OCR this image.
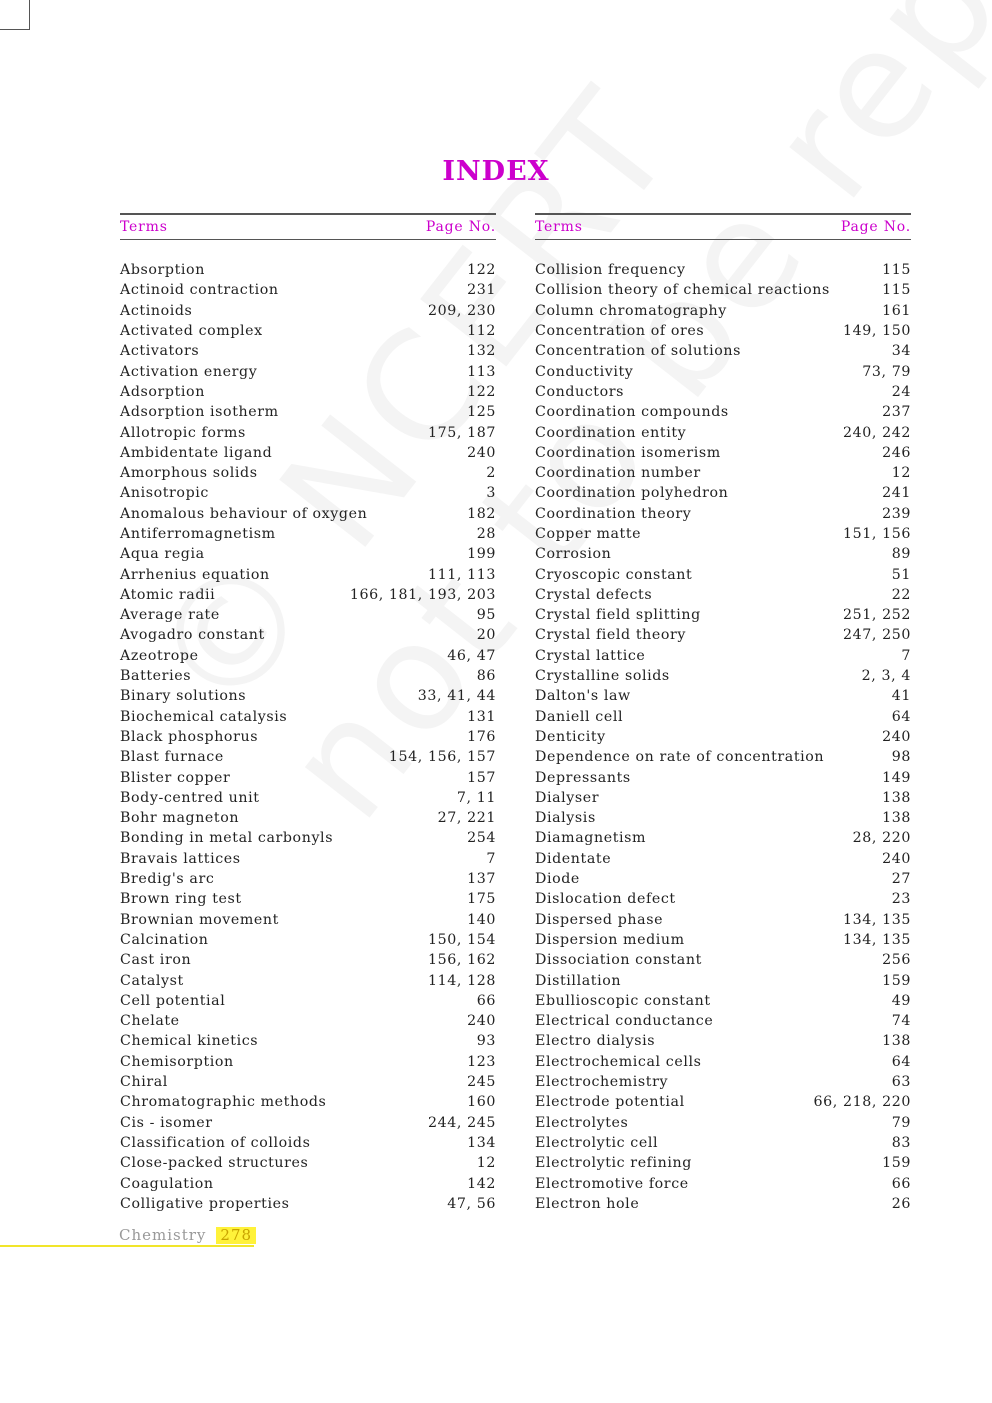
INDEX
Terms	Page No.
Absorption	122
Actinoid contraction	231
Actinoids	209, 230
Activated complex	112
Activators	132
Activation energy	113
Adsorption	122
Adsorption isotherm	125
Allotropic forms	175, 187
Ambidentate ligand	240
Amorphous solids	2
Anisotropic	3
Anomalous behaviour of oxygen	182
Antiferromagnetism	28
Aqua regia	199
Arrhenius equation	111, 113
Atomic radii	166, 181, 193, 203
Average rate	95
Avogadro constant	20
Azeotrope	46, 47
Batteries	86
Binary solutions	33, 41, 44
Biochemical catalysis	131
Black phosphorus	176
Blast furnace	154, 156, 157
Blister copper	157
Body-centred unit	7, 11
Bohr magneton	27, 221
Bonding in metal carbonyls	254
Bravais lattices	7
Bredig's arc	137
Brown ring test	175
Brownian movement	140
Calcination	150, 154
Cast iron	156, 162
Catalyst	114, 128
Cell potential	66
Chelate	240
Chemical kinetics	93
Chemisorption	123
Chiral	245
Chromatographic methods	160
Cis - isomer	244, 245
Classification of colloids	134
Close-packed structures	12
Coagulation	142
Colligative properties	47, 56
Terms	Page No.
Collision frequency	115
Collision theory of chemical reactions	115
Column chromatography	161
Concentration of ores	149, 150
Concentration of solutions	34
Conductivity	73, 79
Conductors	24
Coordination compounds	237
Coordination entity	240, 242
Coordination isomerism	246
Coordination number	12
Coordination polyhedron	241
Coordination theory	239
Copper matte	151, 156
Corrosion	89
Cryoscopic constant	51
Crystal defects	22
Crystal field splitting	251, 252
Crystal field theory	247, 250
Crystal lattice	7
Crystalline solids	2, 3, 4
Dalton's law	41
Daniell cell	64
Denticity	240
Dependence on rate of concentration	98
Depressants	149
Dialyser	138
Dialysis	138
Diamagnetism	28, 220
Didentate	240
Diode	27
Dislocation defect	23
Dispersed phase	134, 135
Dispersion medium	134, 135
Dissociation constant	256
Distillation	159
Ebullioscopic constant	49
Electrical conductance	74
Electro dialysis	138
Electrochemical cells	64
Electrochemistry	63
Electrode potential	66, 218, 220
Electrolytes	79
Electrolytic cell	83
Electrolytic refining	159
Electromotive force	66
Electron hole	26
Chemistry 278
